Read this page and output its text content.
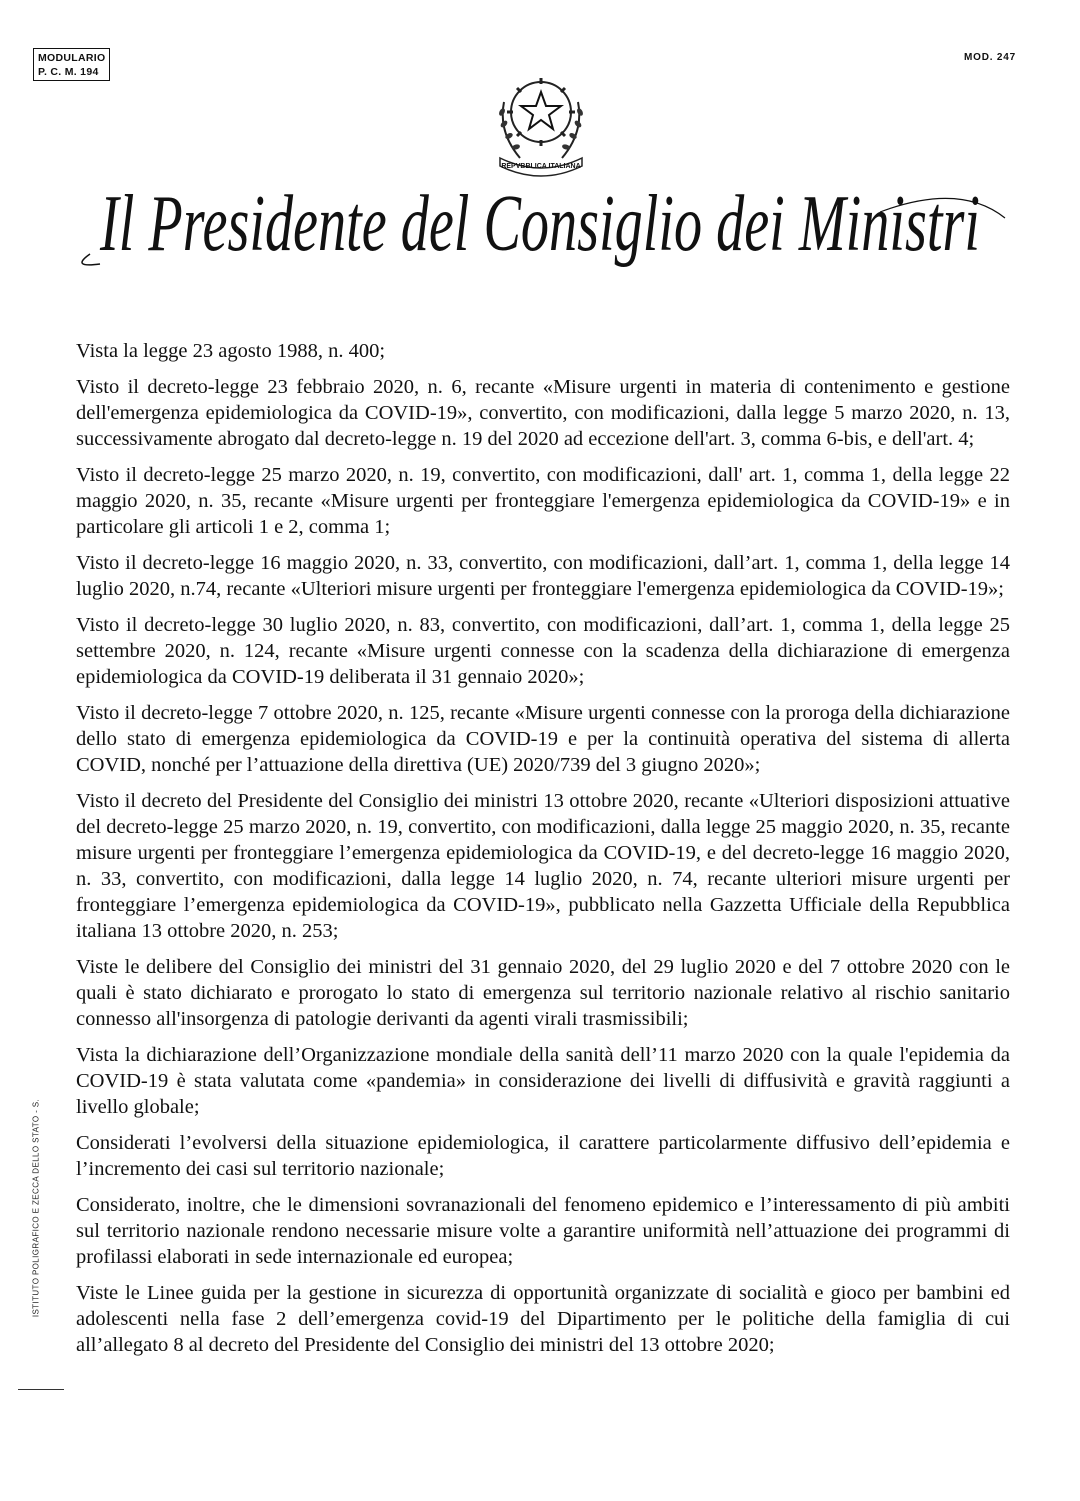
MODULARIO
P. C. M. 194
MOD. 247
REPVBBLICA ITALIANA
Il Presidente del Consiglio dei Ministri

Vista la legge 23 agosto 1988, n. 400;

Visto il decreto-legge 23 febbraio 2020, n. 6, recante «Misure urgenti in materia di contenimento e gestione dell'emergenza epidemiologica da COVID-19», convertito, con modificazioni, dalla legge 5 marzo 2020, n. 13, successivamente abrogato dal decreto-legge n. 19 del 2020 ad eccezione dell'art. 3, comma 6-bis, e dell'art. 4;

Visto il decreto-legge 25 marzo 2020, n. 19, convertito, con modificazioni, dall' art. 1, comma 1, della legge 22 maggio 2020, n. 35, recante «Misure urgenti per fronteggiare l'emergenza epidemiologica da COVID-19» e in particolare gli articoli 1 e 2, comma 1;

Visto il decreto-legge 16 maggio 2020, n. 33, convertito, con modificazioni, dall’art. 1, comma 1, della legge 14 luglio 2020, n.74, recante «Ulteriori misure urgenti per fronteggiare l'emergenza epidemiologica da COVID-19»;

Visto il decreto-legge 30 luglio 2020, n. 83, convertito, con modificazioni, dall’art. 1, comma 1, della legge 25 settembre 2020, n. 124, recante «Misure urgenti connesse con la scadenza della dichiarazione di emergenza epidemiologica da COVID-19 deliberata il 31 gennaio 2020»;

Visto il decreto-legge 7 ottobre 2020, n. 125, recante «Misure urgenti connesse con la proroga della dichiarazione dello stato di emergenza epidemiologica da COVID-19 e per la continuità operativa del sistema di allerta COVID, nonché per l’attuazione della direttiva (UE) 2020/739 del 3 giugno 2020»;

Visto il decreto del Presidente del Consiglio dei ministri 13 ottobre 2020, recante «Ulteriori disposizioni attuative del decreto-legge 25 marzo 2020, n. 19, convertito, con modificazioni, dalla legge 25 maggio 2020, n. 35, recante misure urgenti per fronteggiare l’emergenza epidemiologica da COVID-19, e del decreto-legge 16 maggio 2020, n. 33, convertito, con modificazioni, dalla legge 14 luglio 2020, n. 74, recante ulteriori misure urgenti per fronteggiare l’emergenza epidemiologica da COVID-19», pubblicato nella Gazzetta Ufficiale della Repubblica italiana 13 ottobre 2020, n. 253;

Viste le delibere del Consiglio dei ministri del 31 gennaio 2020, del 29 luglio 2020 e del 7 ottobre 2020 con le quali è stato dichiarato e prorogato lo stato di emergenza sul territorio nazionale relativo al rischio sanitario connesso all'insorgenza di patologie derivanti da agenti virali trasmissibili;

Vista la dichiarazione dell’Organizzazione mondiale della sanità dell’11 marzo 2020 con la quale l'epidemia da COVID-19 è stata valutata come «pandemia» in considerazione dei livelli di diffusività e gravità raggiunti a livello globale;

Considerati l’evolversi della situazione epidemiologica, il carattere particolarmente diffusivo dell’epidemia e l’incremento dei casi sul territorio nazionale;

Considerato, inoltre, che le dimensioni sovranazionali del fenomeno epidemico e l’interessamento di più ambiti sul territorio nazionale rendono necessarie misure volte a garantire uniformità nell’attuazione dei programmi di profilassi elaborati in sede internazionale ed europea;

Viste le Linee guida per la gestione in sicurezza di opportunità organizzate di socialità e gioco per bambini ed adolescenti nella fase 2 dell’emergenza covid-19 del Dipartimento per le politiche della famiglia di cui all’allegato 8 al decreto del Presidente del Consiglio dei ministri del 13 ottobre 2020;

ISTITUTO POLIGRAFICO E ZECCA DELLO STATO - S.
